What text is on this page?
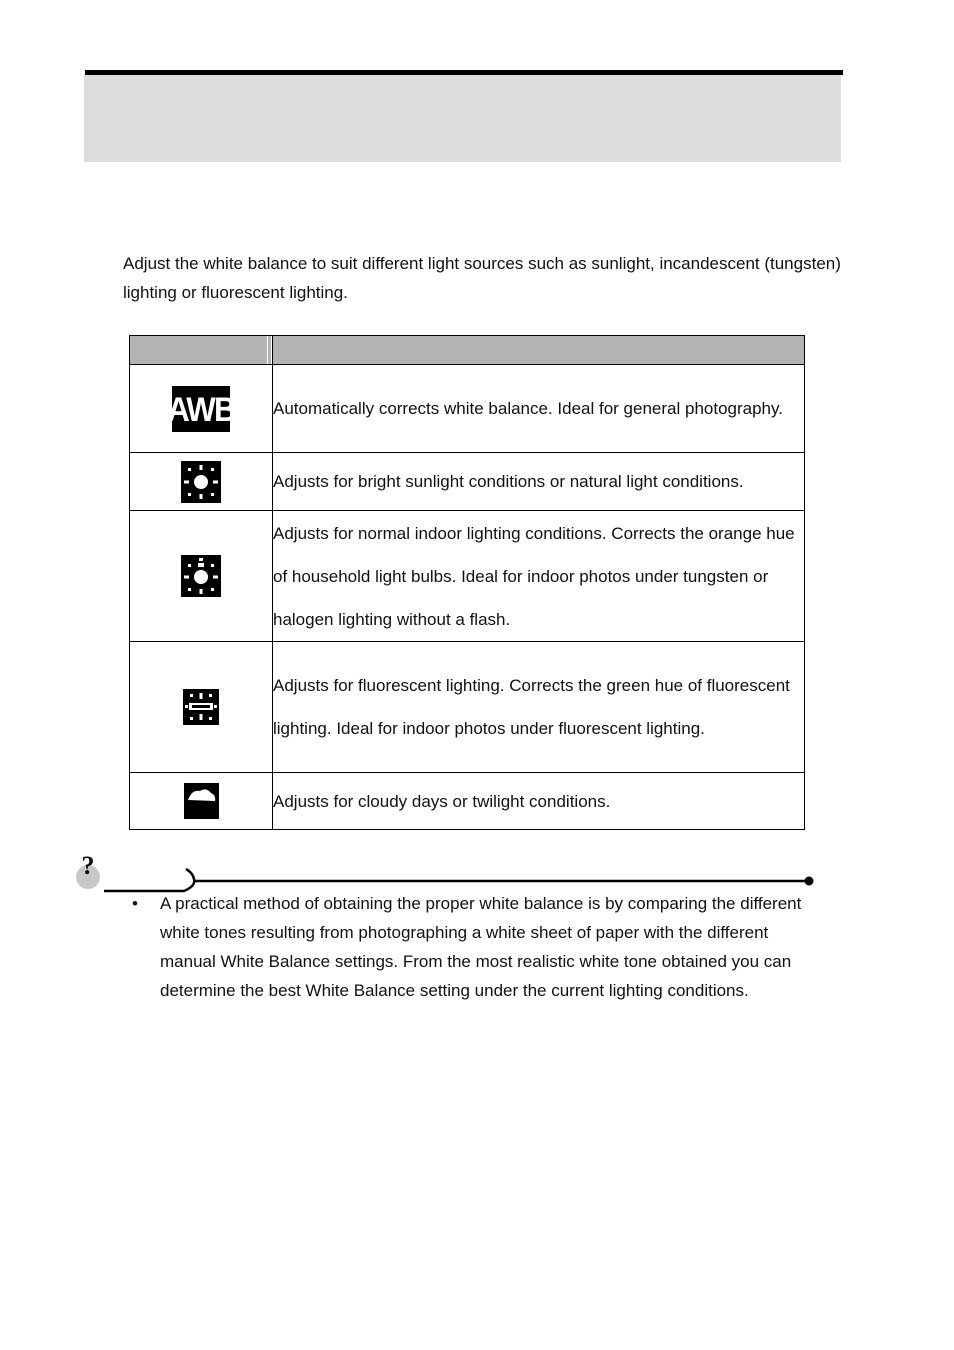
Adjust the white balance to suit different light sources such as sunlight, incandescent (tungsten) lighting or fluorescent lighting.

AWB	Automatically corrects white balance. Ideal for general photography.
	Adjusts for bright sunlight conditions or natural light conditions.
	Adjusts for normal indoor lighting conditions. Corrects the orange hue of household light bulbs. Ideal for indoor photos under tungsten or halogen lighting without a flash.
	Adjusts for fluorescent lighting. Corrects the green hue of fluorescent lighting. Ideal for indoor photos under fluorescent lighting.
	Adjusts for cloudy days or twilight conditions.
?
• A practical method of obtaining the proper white balance is by comparing the different white tones resulting from photographing a white sheet of paper with the different manual White Balance settings. From the most realistic white tone obtained you can determine the best White Balance setting under the current lighting conditions.
